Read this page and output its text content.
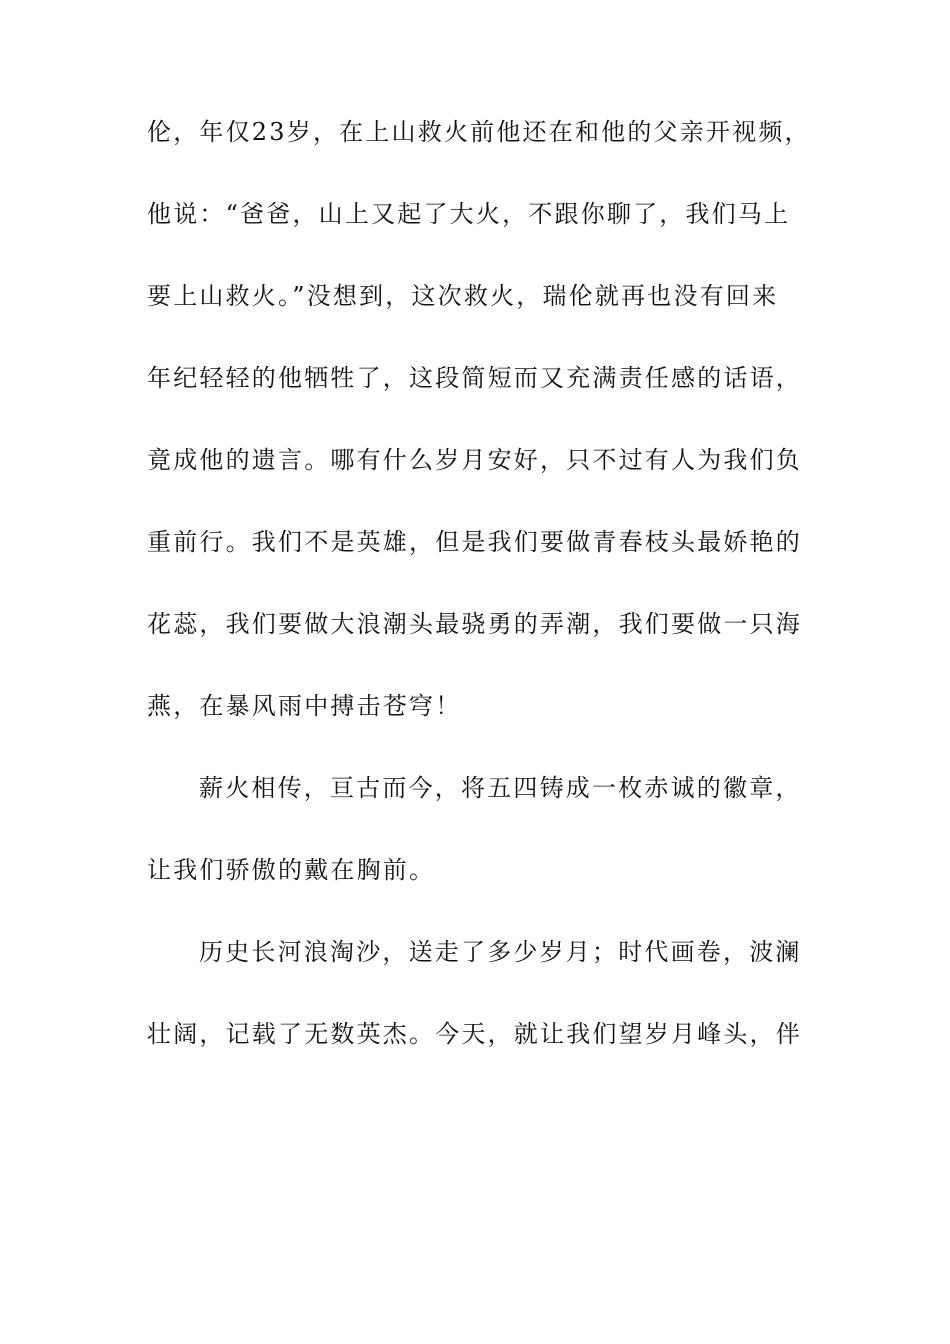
伦，年仅23岁，在上山救火前他还在和他的父亲开视频，
他说：“爸爸，山上又起了大火，不跟你聊了，我们马上
要上山救火。”没想到，这次救火，瑞伦就再也没有回来
年纪轻轻的他牺牲了，这段简短而又充满责任感的话语，
竟成他的遗言。哪有什么岁月安好，只不过有人为我们负
重前行。我们不是英雄，但是我们要做青春枝头最娇艳的
花蕊，我们要做大浪潮头最骁勇的弄潮，我们要做一只海
燕，在暴风雨中搏击苍穹！
薪火相传，亘古而今，将五四铸成一枚赤诚的徽章，
让我们骄傲的戴在胸前。
历史长河浪淘沙，送走了多少岁月；时代画卷，波澜
壮阔，记载了无数英杰。今天，就让我们望岁月峰头，伴
